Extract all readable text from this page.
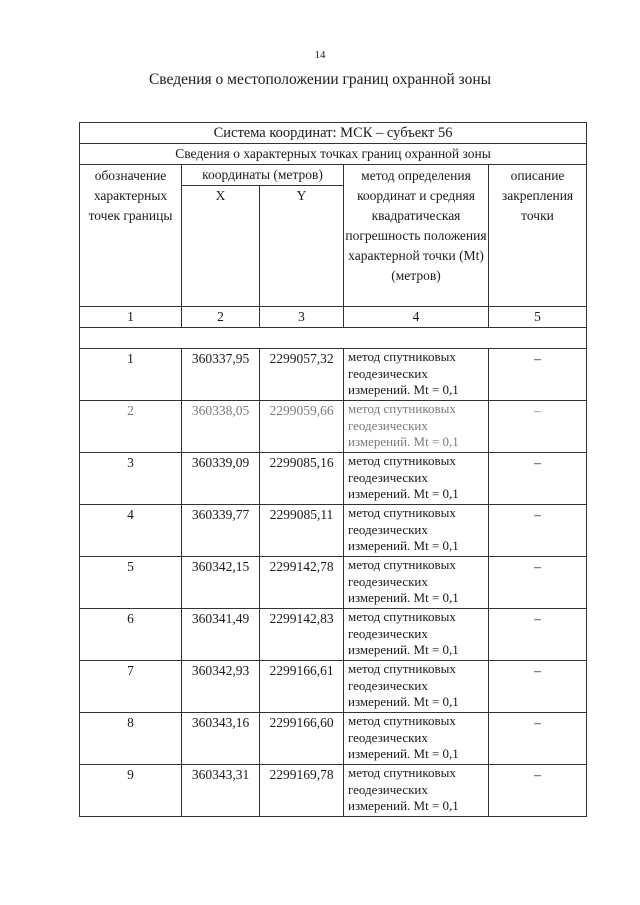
14
Сведения о местоположении границ охранной зоны
Система координат: МСК – субъект 56				
Сведения о характерных точках границ охранной зоны				
обозначение характерных точек границы	координаты (метров)		метод определения координат и средняя квадратическая погрешность положения характерной точки (Mt) (метров)	описание закрепления точки
	X	Y		
1	2	3	4	5

1	360337,95	2299057,32	метод спутниковых геодезических измерений. Mt = 0,1	–
2	360338,05	2299059,66	метод спутниковых геодезических измерений. Mt = 0,1	–
3	360339,09	2299085,16	метод спутниковых геодезических измерений. Mt = 0,1	–
4	360339,77	2299085,11	метод спутниковых геодезических измерений. Mt = 0,1	–
5	360342,15	2299142,78	метод спутниковых геодезических измерений. Mt = 0,1	–
6	360341,49	2299142,83	метод спутниковых геодезических измерений. Mt = 0,1	–
7	360342,93	2299166,61	метод спутниковых геодезических измерений. Mt = 0,1	–
8	360343,16	2299166,60	метод спутниковых геодезических измерений. Mt = 0,1	–
9	360343,31	2299169,78	метод спутниковых геодезических измерений. Mt = 0,1	–
